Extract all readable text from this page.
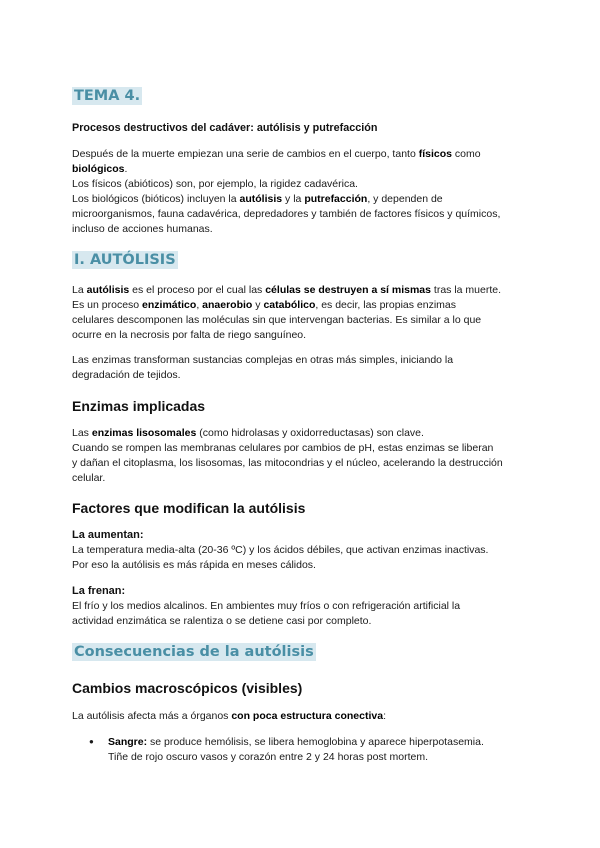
TEMA 4.
Procesos destructivos del cadáver: autólisis y putrefacción
Después de la muerte empiezan una serie de cambios en el cuerpo, tanto físicos como
biológicos.
Los físicos (abióticos) son, por ejemplo, la rigidez cadavérica.
Los biológicos (bióticos) incluyen la autólisis y la putrefacción, y dependen de
microorganismos, fauna cadavérica, depredadores y también de factores físicos y químicos,
incluso de acciones humanas.
I. AUTÓLISIS
La autólisis es el proceso por el cual las células se destruyen a sí mismas tras la muerte.
Es un proceso enzimático, anaerobio y catabólico, es decir, las propias enzimas
celulares descomponen las moléculas sin que intervengan bacterias. Es similar a lo que
ocurre en la necrosis por falta de riego sanguíneo.
Las enzimas transforman sustancias complejas en otras más simples, iniciando la
degradación de tejidos.
Enzimas implicadas
Las enzimas lisosomales (como hidrolasas y oxidorreductasas) son clave.
Cuando se rompen las membranas celulares por cambios de pH, estas enzimas se liberan
y dañan el citoplasma, los lisosomas, las mitocondrias y el núcleo, acelerando la destrucción
celular.
Factores que modifican la autólisis
La aumentan:
La temperatura media-alta (20-36 ºC) y los ácidos débiles, que activan enzimas inactivas.
Por eso la autólisis es más rápida en meses cálidos.
La frenan:
El frío y los medios alcalinos. En ambientes muy fríos o con refrigeración artificial la
actividad enzimática se ralentiza o se detiene casi por completo.
Consecuencias de la autólisis
Cambios macroscópicos (visibles)
La autólisis afecta más a órganos con poca estructura conectiva:
● Sangre: se produce hemólisis, se libera hemoglobina y aparece hiperpotasemia.
Tiñe de rojo oscuro vasos y corazón entre 2 y 24 horas post mortem.
